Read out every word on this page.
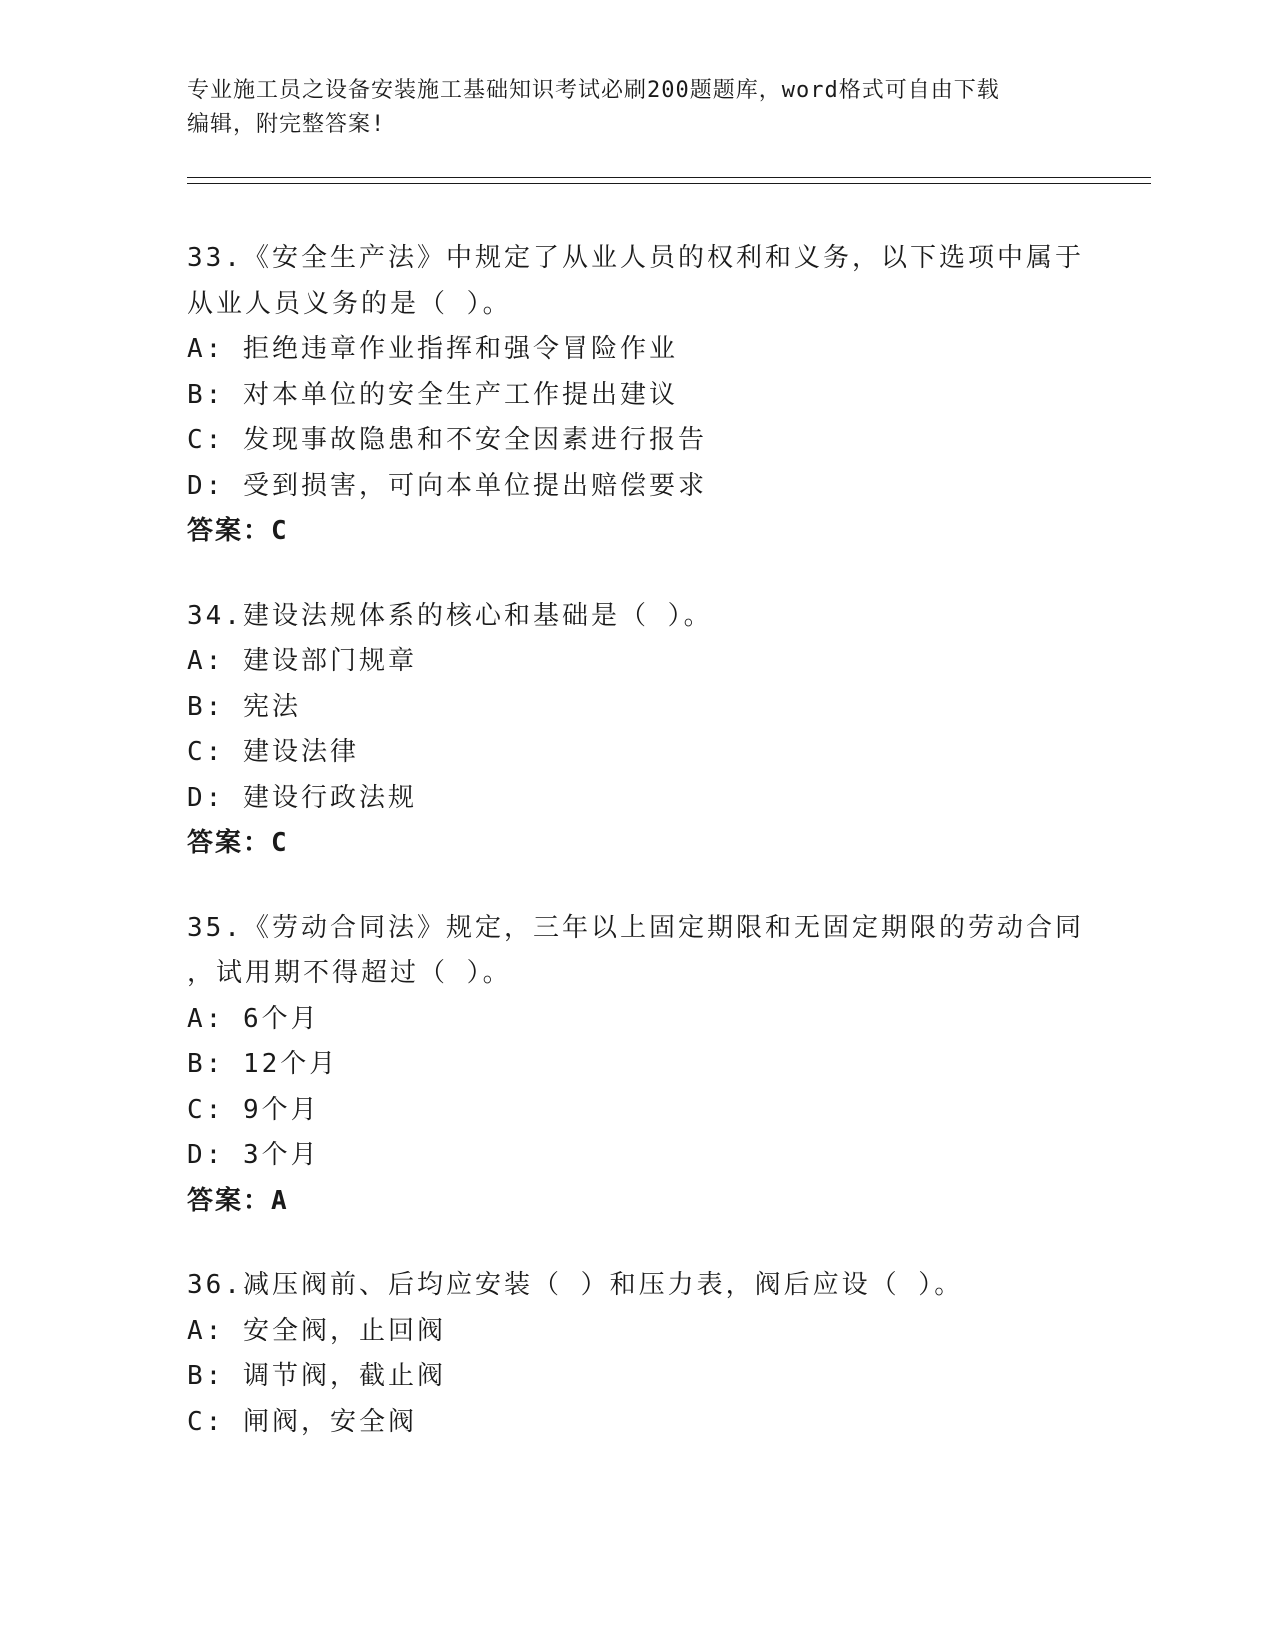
专业施工员之设备安装施工基础知识考试必刷200题题库，word格式可自由下载
编辑，附完整答案!
33.《安全生产法》中规定了从业人员的权利和义务，以下选项中属于
从业人员义务的是（ ）。
A: 拒绝违章作业指挥和强令冒险作业
B: 对本单位的安全生产工作提出建议
C: 发现事故隐患和不安全因素进行报告
D: 受到损害，可向本单位提出赔偿要求
答案：C
34.建设法规体系的核心和基础是（ ）。
A: 建设部门规章
B: 宪法
C: 建设法律
D: 建设行政法规
答案：C
35.《劳动合同法》规定，三年以上固定期限和无固定期限的劳动合同
，试用期不得超过（ ）。
A: 6个月
B: 12个月
C: 9个月
D: 3个月
答案：A
36.减压阀前、后均应安装（ ）和压力表，阀后应设（ ）。
A: 安全阀，止回阀
B: 调节阀，截止阀
C: 闸阀，安全阀
